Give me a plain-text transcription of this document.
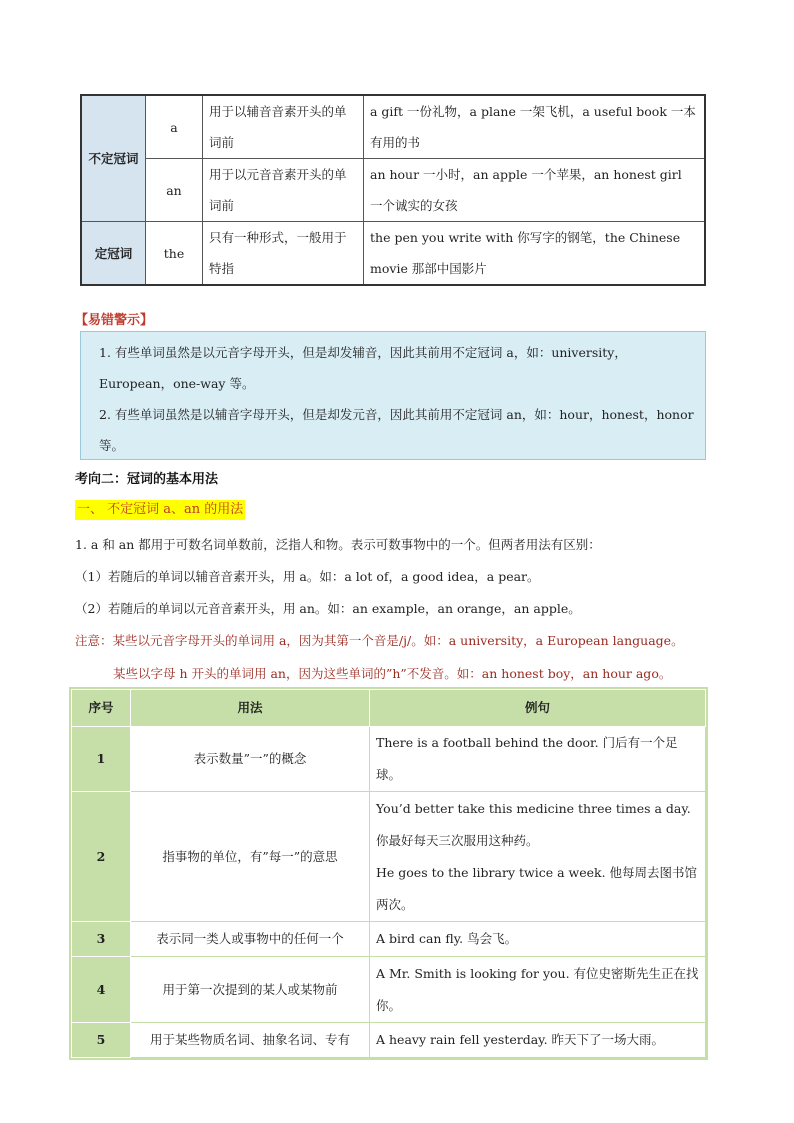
不定冠词	a	用于以辅音音素开头的单词前	a gift 一份礼物，a plane 一架飞机，a useful book 一本有用的书
	an	用于以元音音素开头的单词前	an hour 一小时，an apple 一个苹果，an honest girl 一个诚实的女孩
定冠词	the	只有一种形式，一般用于特指	the pen you write with 你写字的钢笔，the Chinese movie 那部中国影片
【易错警示】

1. 有些单词虽然是以元音字母开头，但是却发辅音，因此其前用不定冠词 a，如：university，European，one-way 等。

2. 有些单词虽然是以辅音字母开头，但是却发元音，因此其前用不定冠词 an，如：hour，honest，honor 等。

考向二：冠词的基本用法
一、 不定冠词 a、an 的用法
1. a 和 an 都用于可数名词单数前，泛指人和物。表示可数事物中的一个。但两者用法有区别：
（1）若随后的单词以辅音音素开头，用 a。如：a lot of，a good idea，a pear。
（2）若随后的单词以元音音素开头，用 an。如：an example，an orange，an apple。
注意：某些以元音字母开头的单词用 a，因为其第一个音是/j/。如：a university，a European language。
某些以字母 h 开头的单词用 an，因为这些单词的”h”不发音。如：an honest boy，an hour ago。
序号	用法	例句
1	表示数量”一”的概念	There is a football behind the door. 门后有一个足球。
2	指事物的单位，有”每一”的意思	You’d better take this medicine three times a day. 你最好每天三次服用这种药。
He goes to the library twice a week. 他每周去图书馆两次。

3	表示同一类人或事物中的任何一个	A bird can fly. 鸟会飞。
4	用于第一次提到的某人或某物前	A Mr. Smith is looking for you. 有位史密斯先生正在找你。
5	用于某些物质名词、抽象名词、专有	A heavy rain fell yesterday. 昨天下了一场大雨。
